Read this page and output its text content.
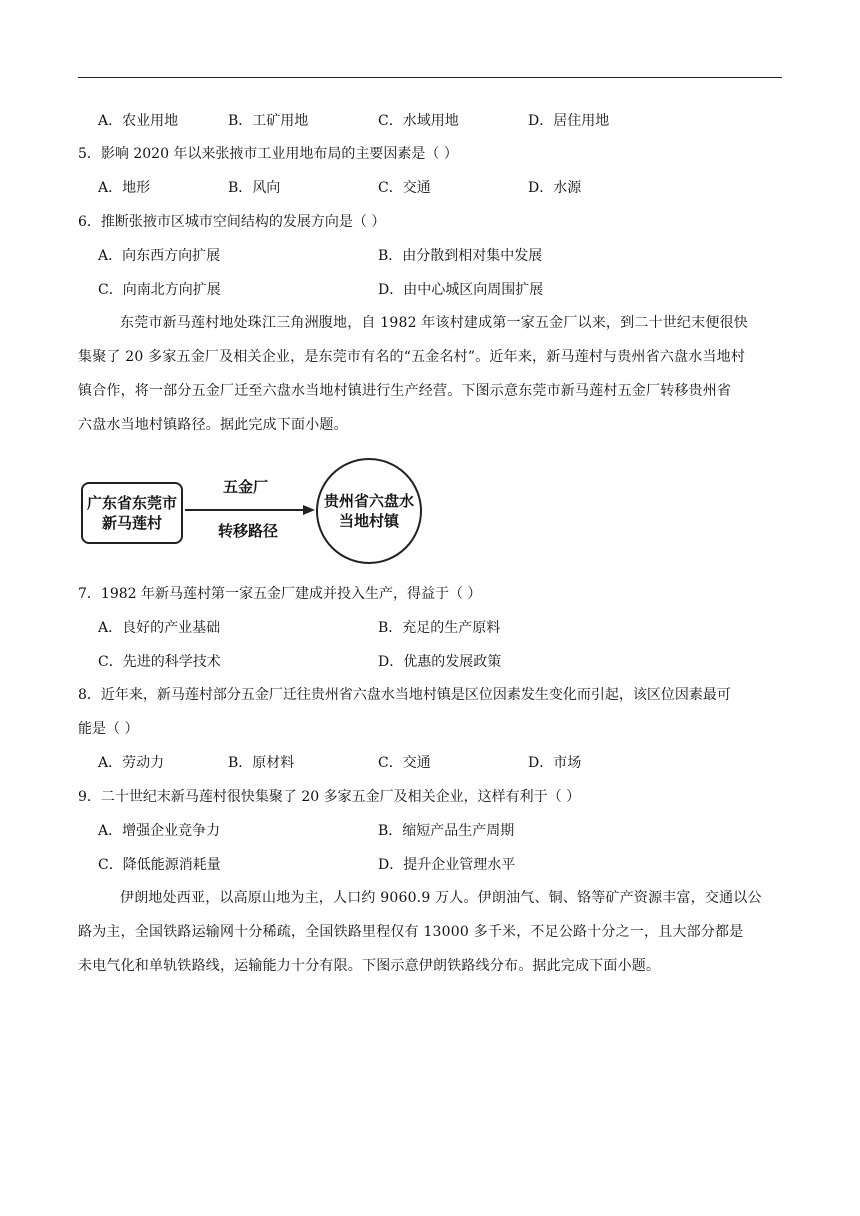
A．农业用地	B．工矿用地	C．水域用地	D．居住用地
5．影响 2020 年以来张掖市工业用地布局的主要因素是（ ）
A．地形	B．风向	C．交通	D．水源
6．推断张掖市区城市空间结构的发展方向是（ ）
A．向东西方向扩展	B．由分散到相对集中发展
C．向南北方向扩展	D．由中心城区向周围扩展
东莞市新马莲村地处珠江三角洲腹地，自 1982 年该村建成第一家五金厂以来，到二十世纪末便很快
集聚了 20 多家五金厂及相关企业，是东莞市有名的“五金名村”。近年来，新马莲村与贵州省六盘水当地村
镇合作，将一部分五金厂迁至六盘水当地村镇进行生产经营。下图示意东莞市新马莲村五金厂转移贵州省
六盘水当地村镇路径。据此完成下面小题。
广东省东莞市
新马莲村
五金厂
转移路径
贵州省六盘水
当地村镇
7．1982 年新马莲村第一家五金厂建成并投入生产，得益于（ ）
A．良好的产业基础	B．充足的生产原料
C．先进的科学技术	D．优惠的发展政策
8．近年来，新马莲村部分五金厂迁往贵州省六盘水当地村镇是区位因素发生变化而引起，该区位因素最可
能是（ ）
A．劳动力	B．原材料	C．交通	D．市场
9．二十世纪末新马莲村很快集聚了 20 多家五金厂及相关企业，这样有利于（ ）
A．增强企业竞争力	B．缩短产品生产周期
C．降低能源消耗量	D．提升企业管理水平
伊朗地处西亚，以高原山地为主，人口约 9060.9 万人。伊朗油气、铜、铬等矿产资源丰富，交通以公
路为主，全国铁路运输网十分稀疏，全国铁路里程仅有 13000 多千米，不足公路十分之一，且大部分都是
未电气化和单轨铁路线，运输能力十分有限。下图示意伊朗铁路线分布。据此完成下面小题。
